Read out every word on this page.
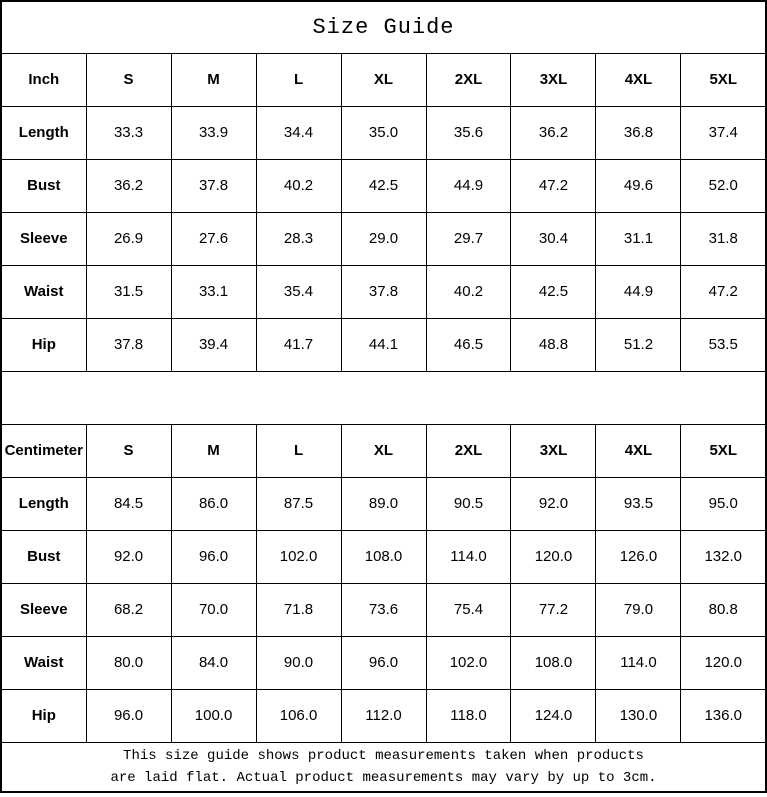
Size Guide								
Inch	S	M	L	XL	2XL	3XL	4XL	5XL
Length	33.3	33.9	34.4	35.0	35.6	36.2	36.8	37.4
Bust	36.2	37.8	40.2	42.5	44.9	47.2	49.6	52.0
Sleeve	26.9	27.6	28.3	29.0	29.7	30.4	31.1	31.8
Waist	31.5	33.1	35.4	37.8	40.2	42.5	44.9	47.2
Hip	37.8	39.4	41.7	44.1	46.5	48.8	51.2	53.5

Centimeter	S	M	L	XL	2XL	3XL	4XL	5XL
Length	84.5	86.0	87.5	89.0	90.5	92.0	93.5	95.0
Bust	92.0	96.0	102.0	108.0	114.0	120.0	126.0	132.0
Sleeve	68.2	70.0	71.8	73.6	75.4	77.2	79.0	80.8
Waist	80.0	84.0	90.0	96.0	102.0	108.0	114.0	120.0
Hip	96.0	100.0	106.0	112.0	118.0	124.0	130.0	136.0

This size guide shows product measurements taken when products
are laid flat. Actual product measurements may vary by up to 3cm.								
